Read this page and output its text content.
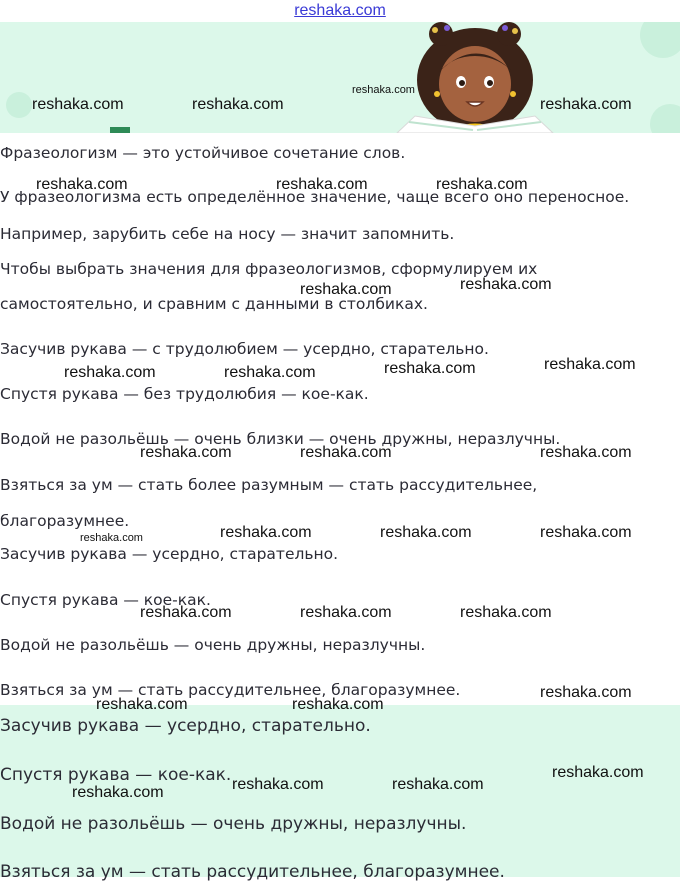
reshaka.com
Фразеологизм — это устойчивое сочетание слов.
У фразеологизма есть определённое значение, чаще всего оно переносное.
Например, зарубить себе на носу — значит запомнить.
Чтобы выбрать значения для фразеологизмов, сформулируем их
самостоятельно, и сравним с данными в столбиках.
Засучив рукава — с трудолюбием — усердно, старательно.
Спустя рукава — без трудолюбия — кое-как.
Водой не разольёшь — очень близки — очень дружны, неразлучны.
Взяться за ум — стать более разумным — стать рассудительнее,
благоразумнее.
Засучив рукава — усердно, старательно.
Спустя рукава — кое-как.
Водой не разольёшь — очень дружны, неразлучны.
Взяться за ум — стать рассудительнее, благоразумнее.
Засучив рукава — усердно, старательно.
Спустя рукава — кое-как.
Водой не разольёшь — очень дружны, неразлучны.
Взяться за ум — стать рассудительнее, благоразумнее.
reshaka.com	reshaka.com
reshaka.com
reshaka.com
reshaka.com	reshaka.com	reshaka.com
reshaka.com	reshaka.com
reshaka.com	reshaka.com	reshaka.com	reshaka.com
reshaka.com	reshaka.com	reshaka.com
reshaka.com	reshaka.com	reshaka.com	reshaka.com
reshaka.com	reshaka.com	reshaka.com
reshaka.com	reshaka.com
reshaka.com
reshaka.com
reshaka.com	reshaka.com
reshaka.com
